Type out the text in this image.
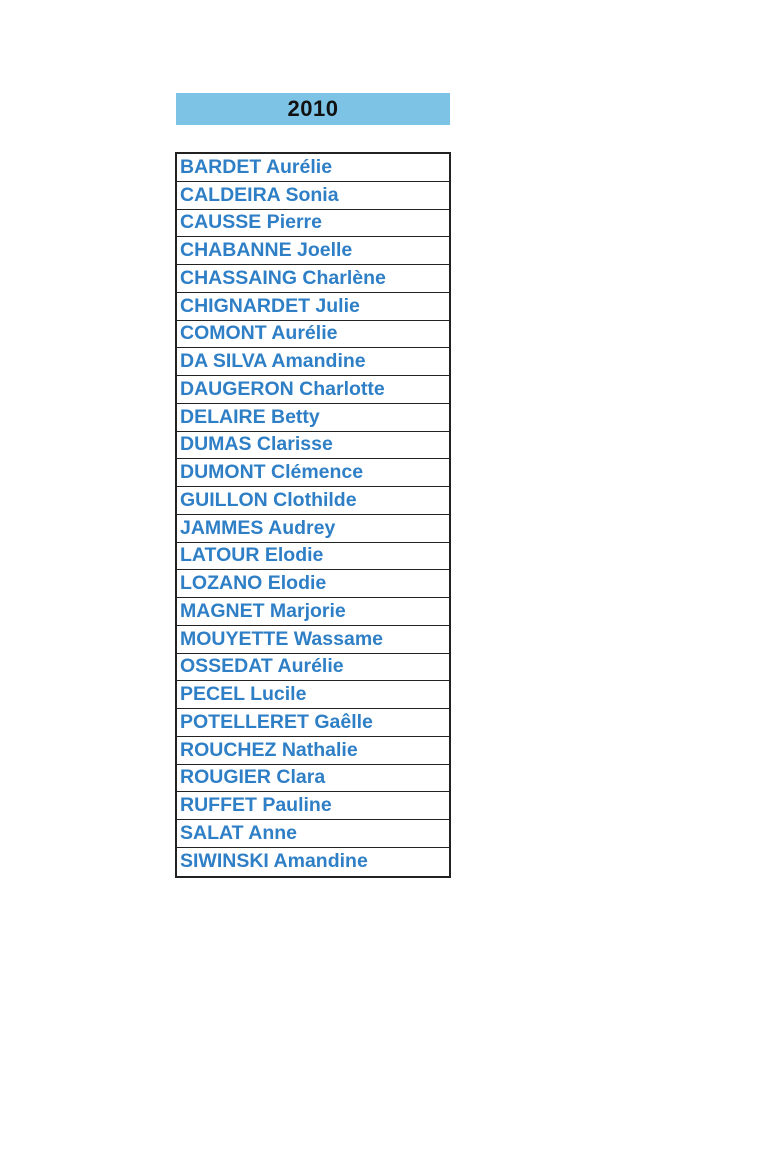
2010
BARDET Aurélie
CALDEIRA Sonia
CAUSSE Pierre
CHABANNE Joelle
CHASSAING Charlène
CHIGNARDET Julie
COMONT Aurélie
DA SILVA Amandine
DAUGERON Charlotte
DELAIRE Betty
DUMAS Clarisse
DUMONT Clémence
GUILLON Clothilde
JAMMES Audrey
LATOUR Elodie
LOZANO Elodie
MAGNET Marjorie
MOUYETTE Wassame
OSSEDAT Aurélie
PECEL Lucile
POTELLERET Gaêlle
ROUCHEZ Nathalie
ROUGIER Clara
RUFFET Pauline
SALAT Anne
SIWINSKI Amandine
